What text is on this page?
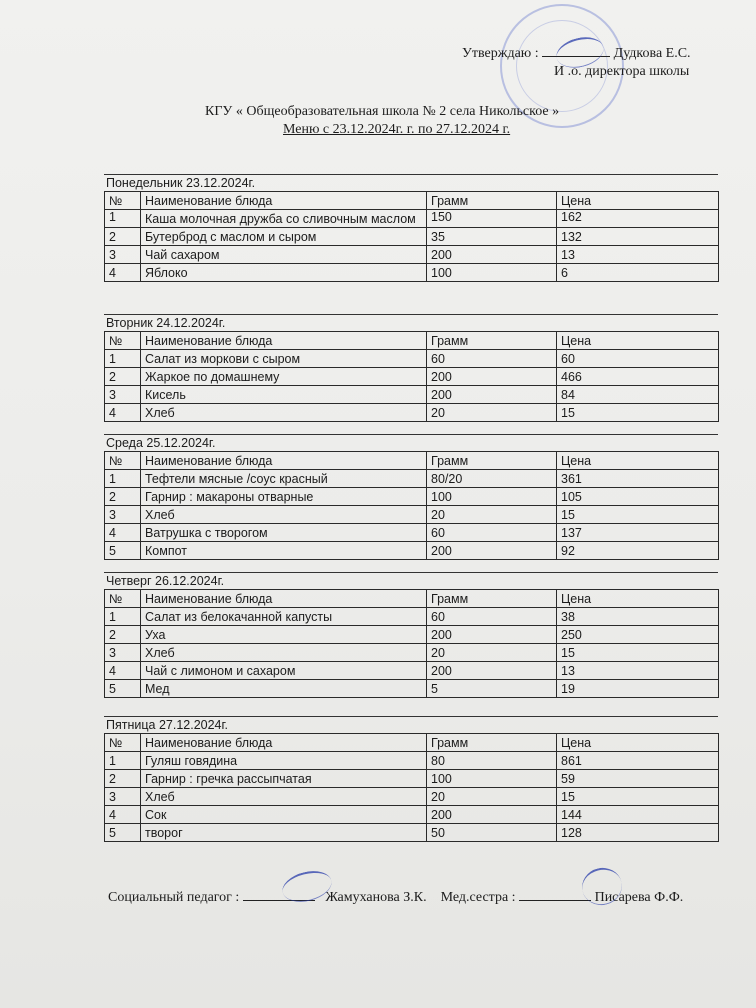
Утверждаю :	Дудкова Е.С.
И .о. директора школы
КГУ « Общеобразовательная школа № 2 села Никольское »
Меню с 23.12.2024г. г. по 27.12.2024 г.
Понедельник 23.12.2024г.
№	Наименование блюда	Грамм	Цена
1	Каша молочная дружба со сливочным маслом	150	162
2	Бутерброд с маслом и сыром	35	132
3	Чай сахаром	200	13
4	Яблоко	100	6
Вторник 24.12.2024г.
№	Наименование блюда	Грамм	Цена
1	Салат из моркови с сыром	60	60
2	Жаркое по домашнему	200	466
3	Кисель	200	84
4	Хлеб	20	15
Среда 25.12.2024г.
№	Наименование блюда	Грамм	Цена
1	Тефтели мясные /соус красный	80/20	361
2	Гарнир : макароны отварные	100	105
3	Хлеб	20	15
4	Ватрушка с творогом	60	137
5	Компот	200	92
Четверг 26.12.2024г.
№	Наименование блюда	Грамм	Цена
1	Салат из белокачанной капусты	60	38
2	Уха	200	250
3	Хлеб	20	15
4	Чай с лимоном и сахаром	200	13
5	Мед	5	19
Пятница 27.12.2024г.
№	Наименование блюда	Грамм	Цена
1	Гуляш говядина	80	861
2	Гарнир : гречка рассыпчатая	100	59
3	Хлеб	20	15
4	Сок	200	144
5	творог	50	128
Социальный педагог :	Жамуханова З.К. Мед.сестра :	Писарева Ф.Ф.
